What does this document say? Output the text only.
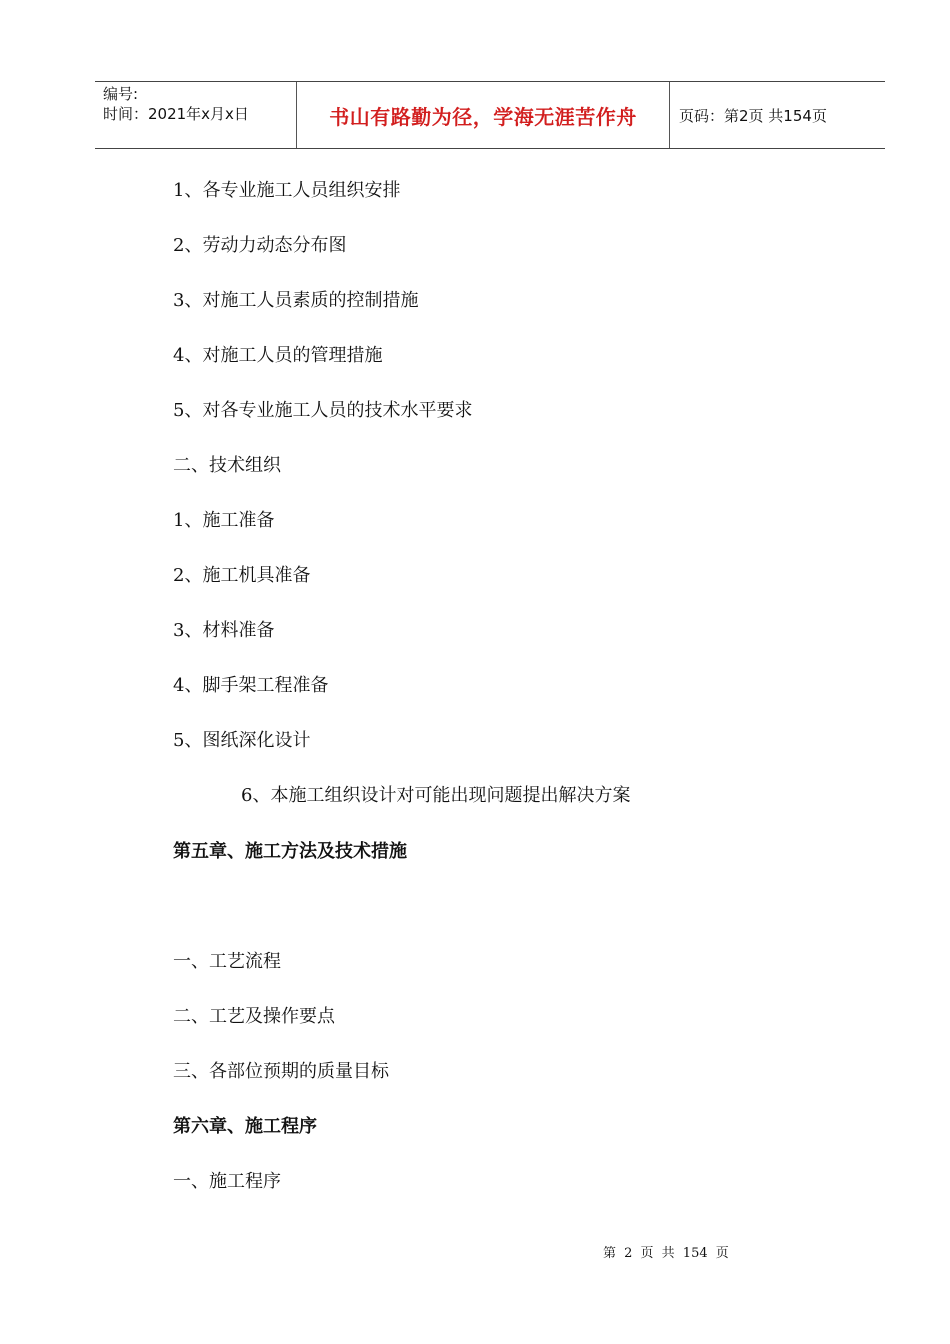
编号:
时间：2021年x月x日	书山有路勤为径，学海无涯苦作舟	页码：第2页 共154页
1、各专业施工人员组织安排
2、劳动力动态分布图
3、对施工人员素质的控制措施
4、对施工人员的管理措施
5、对各专业施工人员的技术水平要求
二、技术组织
1、施工准备
2、施工机具准备
3、材料准备
4、脚手架工程准备
5、图纸深化设计
6、本施工组织设计对可能出现问题提出解决方案
第五章、施工方法及技术措施
一、工艺流程
二、工艺及操作要点
三、各部位预期的质量目标
第六章、施工程序
一、施工程序
第 2 页 共 154 页
